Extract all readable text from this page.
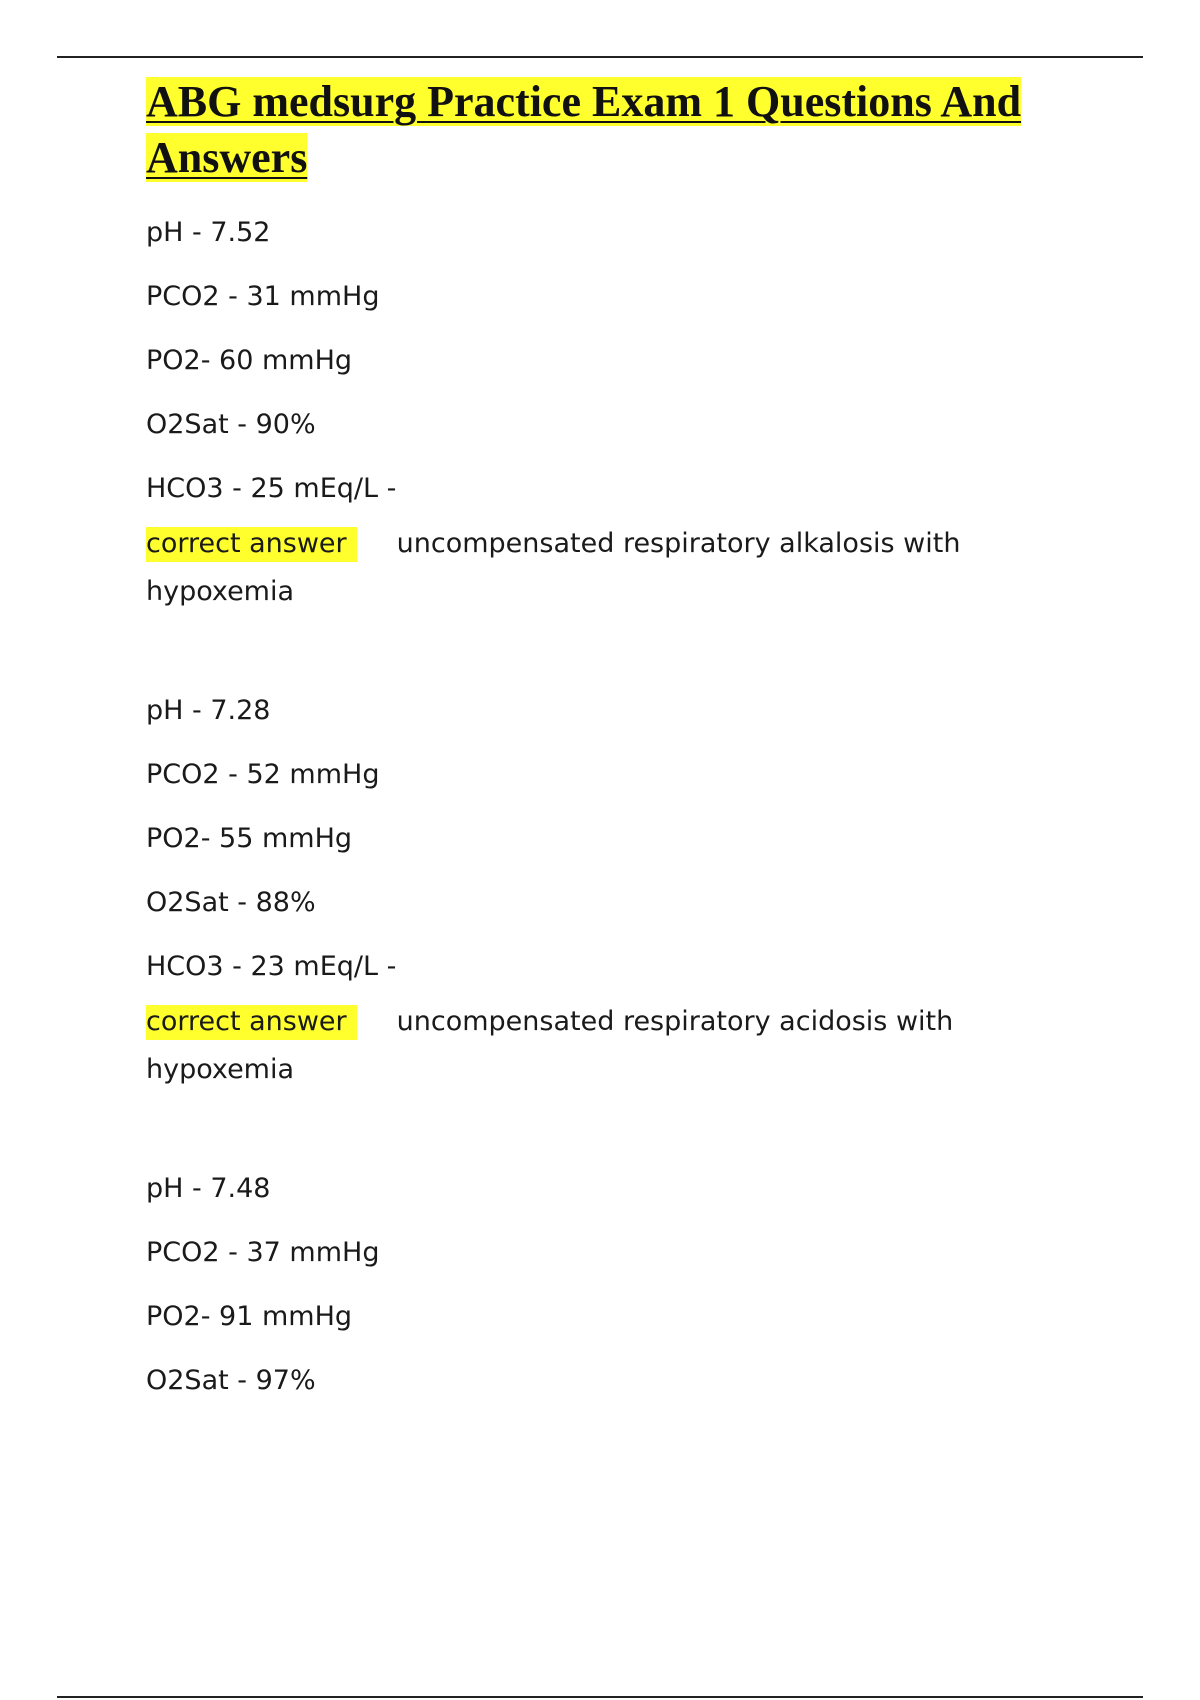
ABG medsurg Practice Exam 1 Questions And Answers
pH - 7.52
PCO2 - 31 mmHg
PO2- 60 mmHg
O2Sat - 90%
HCO3 - 25 mEq/L -
correct answer uncompensated respiratory alkalosis with hypoxemia
pH - 7.28
PCO2 - 52 mmHg
PO2- 55 mmHg
O2Sat - 88%
HCO3 - 23 mEq/L -
correct answer uncompensated respiratory acidosis with hypoxemia
pH - 7.48
PCO2 - 37 mmHg
PO2- 91 mmHg
O2Sat - 97%
